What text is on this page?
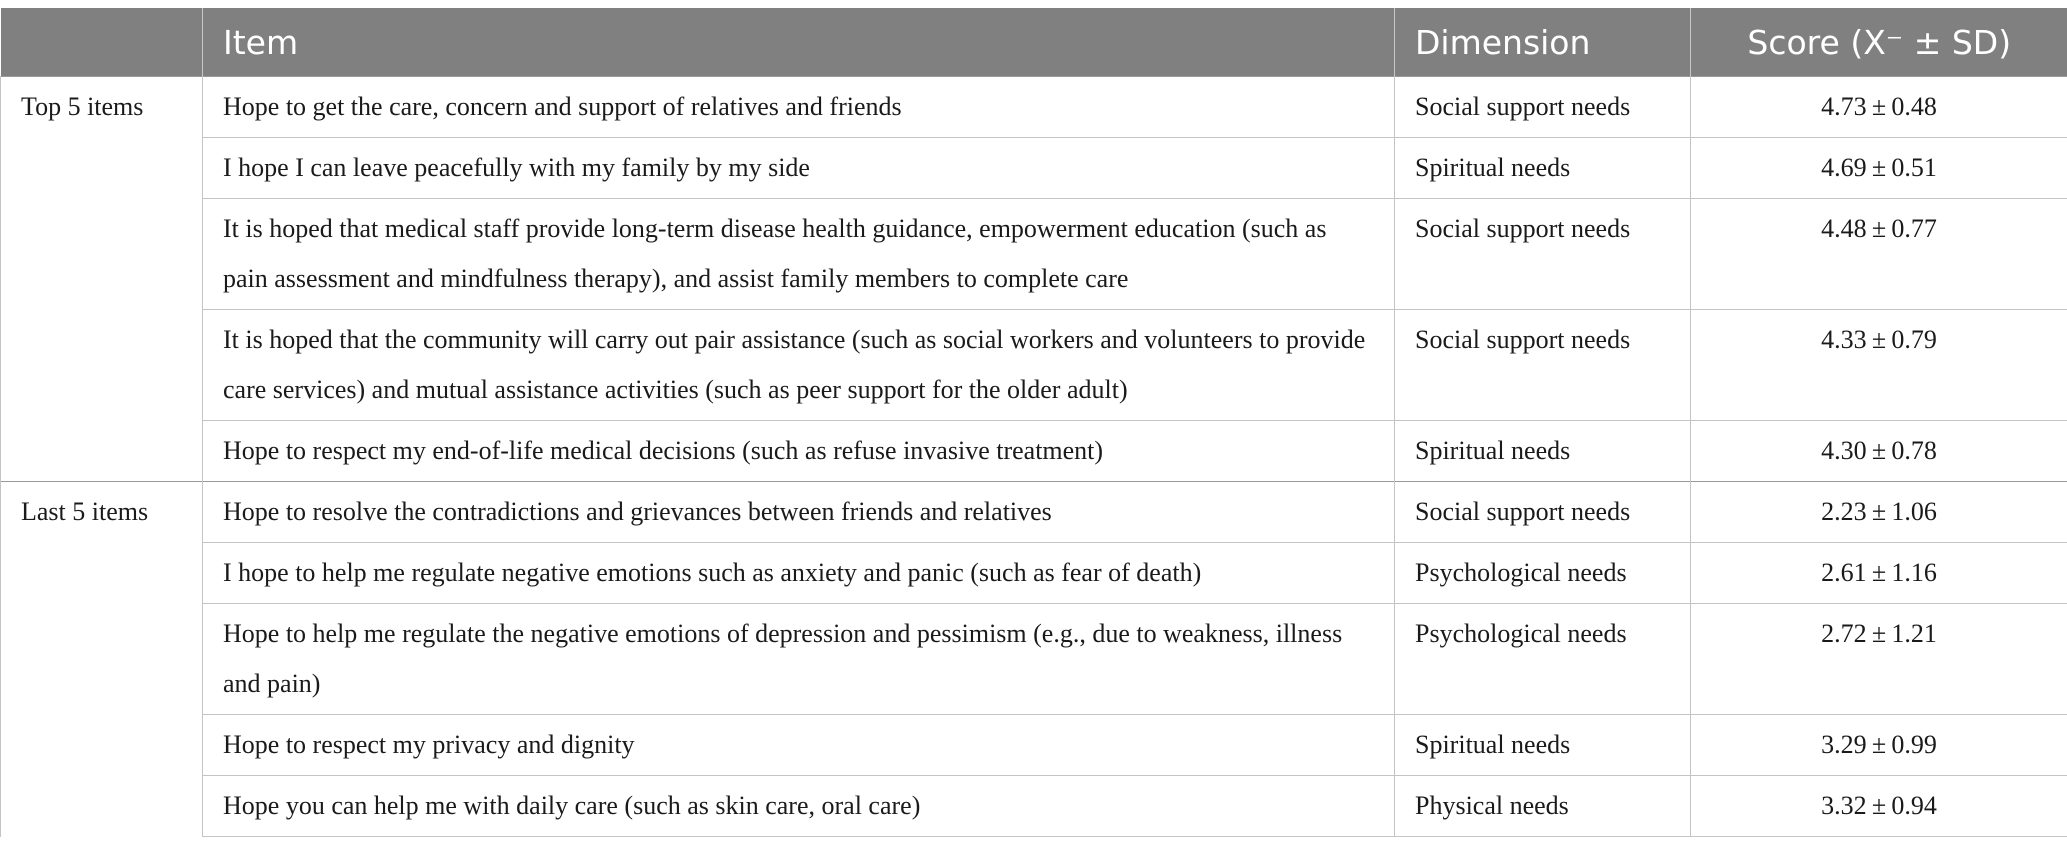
	Item	Dimension	Score (X⁻ ± SD)
Top 5 items	Hope to get the care, concern and support of relatives and friends	Social support needs	4.73 ± 0.48
	I hope I can leave peacefully with my family by my side	Spiritual needs	4.69 ± 0.51
	It is hoped that medical staff provide long-term disease health guidance, empowerment education (such as pain assessment and mindfulness therapy), and assist family members to complete care	Social support needs	4.48 ± 0.77
	It is hoped that the community will carry out pair assistance (such as social workers and volunteers to provide care services) and mutual assistance activities (such as peer support for the older adult)	Social support needs	4.33 ± 0.79
	Hope to respect my end-of-life medical decisions (such as refuse invasive treatment)	Spiritual needs	4.30 ± 0.78
Last 5 items	Hope to resolve the contradictions and grievances between friends and relatives	Social support needs	2.23 ± 1.06
	I hope to help me regulate negative emotions such as anxiety and panic (such as fear of death)	Psychological needs	2.61 ± 1.16
	Hope to help me regulate the negative emotions of depression and pessimism (e.g., due to weakness, illness and pain)	Psychological needs	2.72 ± 1.21
	Hope to respect my privacy and dignity	Spiritual needs	3.29 ± 0.99
	Hope you can help me with daily care (such as skin care, oral care)	Physical needs	3.32 ± 0.94
